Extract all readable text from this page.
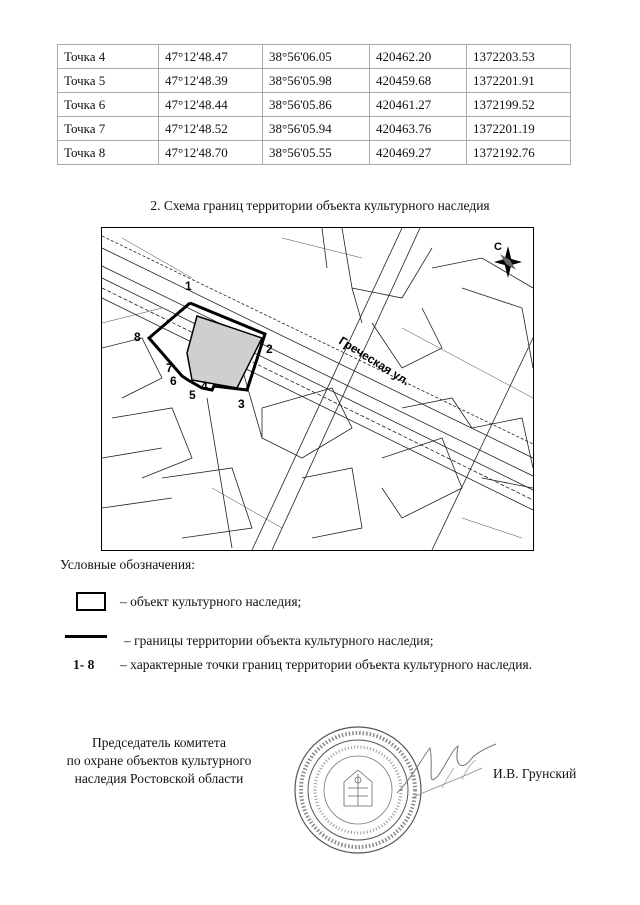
Точка 4	47°12'48.47	38°56'06.05	420462.20	1372203.53
Точка 5	47°12'48.39	38°56'05.98	420459.68	1372201.91
Точка 6	47°12'48.44	38°56'05.86	420461.27	1372199.52
Точка 7	47°12'48.52	38°56'05.94	420463.76	1372201.19
Точка 8	47°12'48.70	38°56'05.55	420469.27	1372192.76
2. Схема границ территории объекта культурного наследия
Греческая ул.
С
1
2
3
4
5
6
7
8
Условные обозначения:
– объект культурного наследия;
– границы территории объекта культурного наследия;
1- 8 – характерные точки границ территории объекта культурного наследия.
Председатель комитета
по охране объектов культурного
наследия Ростовской области	И.В. Грунский
